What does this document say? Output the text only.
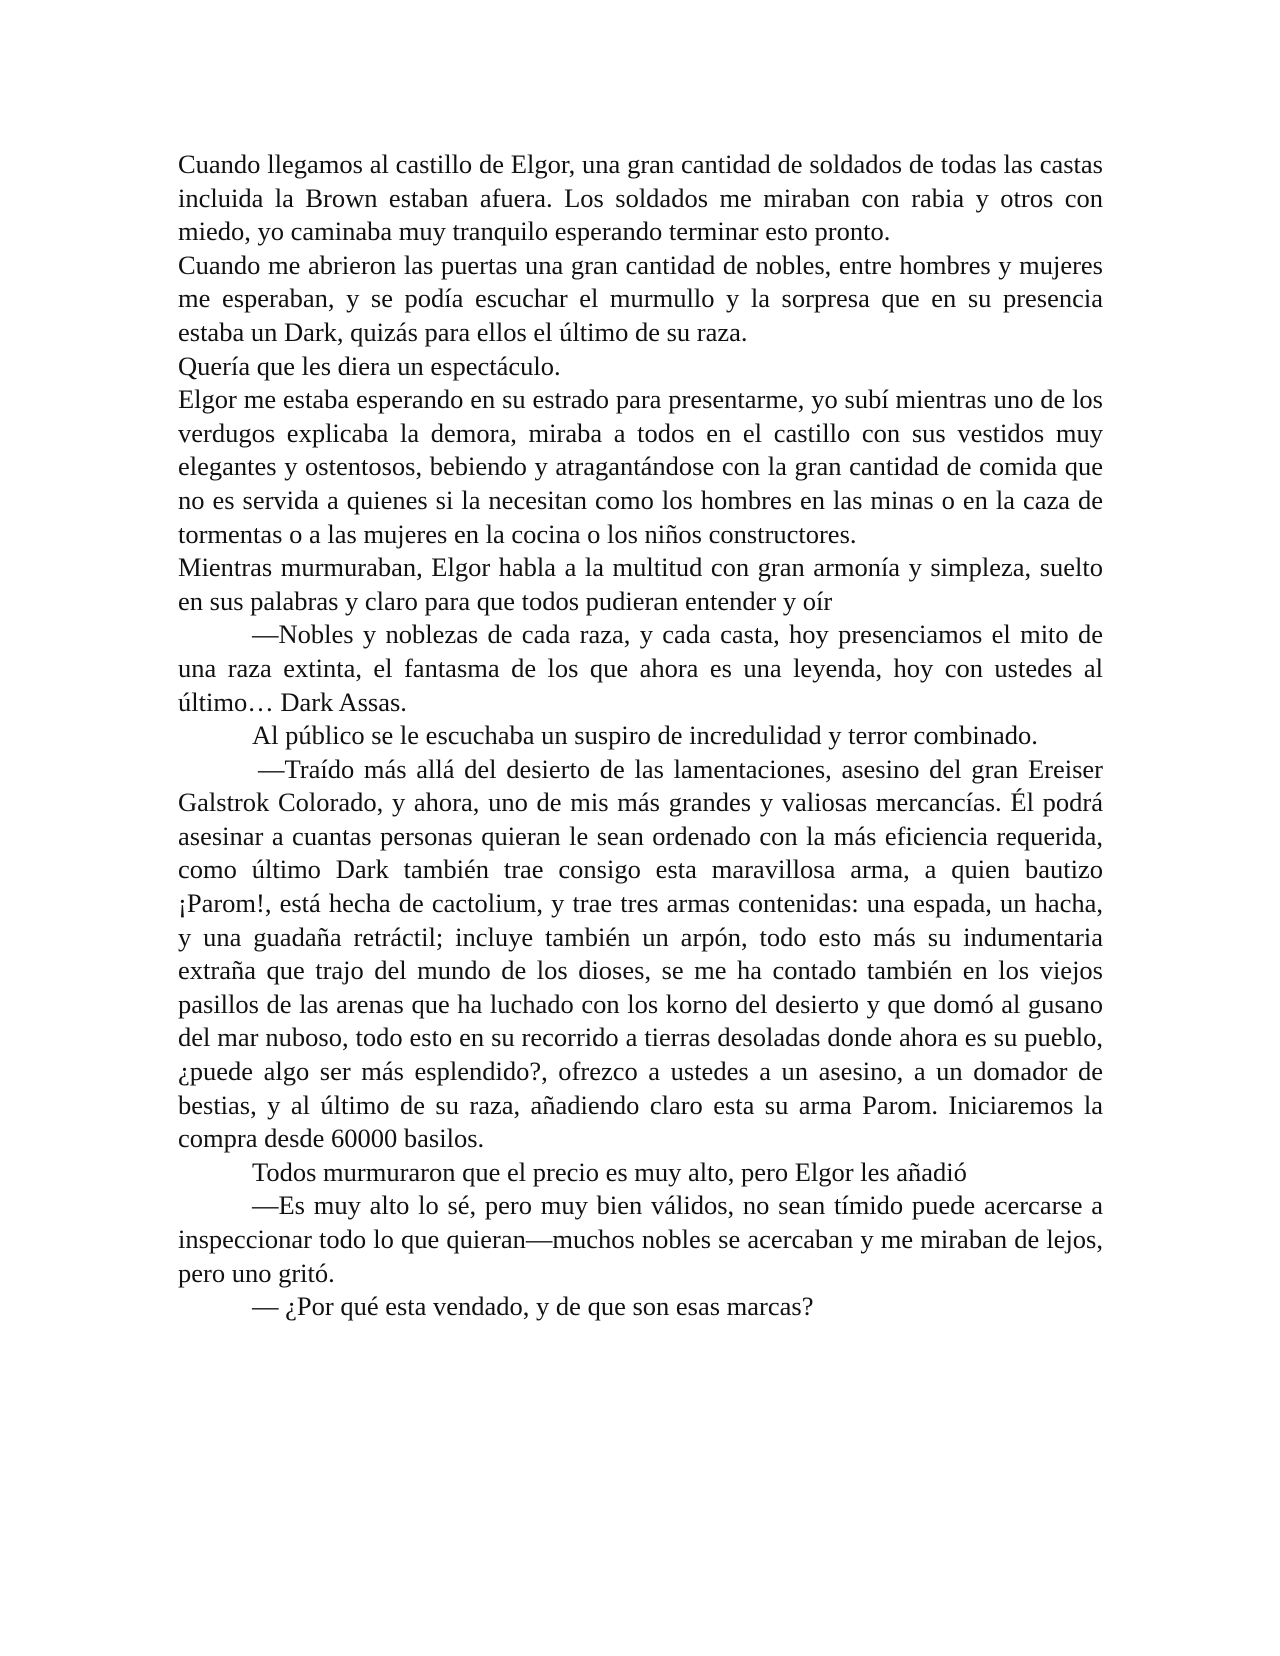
Cuando llegamos al castillo de Elgor, una gran cantidad de soldados de todas las castas incluida la Brown estaban afuera. Los soldados me miraban con rabia y otros con miedo, yo caminaba muy tranquilo esperando terminar esto pronto.

Cuando me abrieron las puertas una gran cantidad de nobles, entre hombres y mujeres me esperaban, y se podía escuchar el murmullo y la sorpresa que en su presencia estaba un Dark, quizás para ellos el último de su raza.

Quería que les diera un espectáculo.

Elgor me estaba esperando en su estrado para presentarme, yo subí mientras uno de los verdugos explicaba la demora, miraba a todos en el castillo con sus vestidos muy elegantes y ostentosos, bebiendo y atragantándose con la gran cantidad de comida que no es servida a quienes si la necesitan como los hombres en las minas o en la caza de tormentas o a las mujeres en la cocina o los niños constructores.

Mientras murmuraban, Elgor habla a la multitud con gran armonía y simpleza, suelto en sus palabras y claro para que todos pudieran entender y oír

—Nobles y noblezas de cada raza, y cada casta, hoy presenciamos el mito de una raza extinta, el fantasma de los que ahora es una leyenda, hoy con ustedes al último… Dark Assas.

Al público se le escuchaba un suspiro de incredulidad y terror combinado.

—Traído más allá del desierto de las lamentaciones, asesino del gran Ereiser Galstrok Colorado, y ahora, uno de mis más grandes y valiosas mercancías. Él podrá asesinar a cuantas personas quieran le sean ordenado con la más eficiencia requerida, como último Dark también trae consigo esta maravillosa arma, a quien bautizo ¡Parom!, está hecha de cactolium, y trae tres armas contenidas: una espada, un hacha, y una guadaña retráctil; incluye también un arpón, todo esto más su indumentaria extraña que trajo del mundo de los dioses, se me ha contado también en los viejos pasillos de las arenas que ha luchado con los korno del desierto y que domó al gusano del mar nuboso, todo esto en su recorrido a tierras desoladas donde ahora es su pueblo, ¿puede algo ser más esplendido?, ofrezco a ustedes a un asesino, a un domador de bestias, y al último de su raza, añadiendo claro esta su arma Parom. Iniciaremos la compra desde 60000 basilos.

Todos murmuraron que el precio es muy alto, pero Elgor les añadió

—Es muy alto lo sé, pero muy bien válidos, no sean tímido puede acercarse a inspeccionar todo lo que quieran—muchos nobles se acercaban y me miraban de lejos, pero uno gritó.

— ¿Por qué esta vendado, y de que son esas marcas?
